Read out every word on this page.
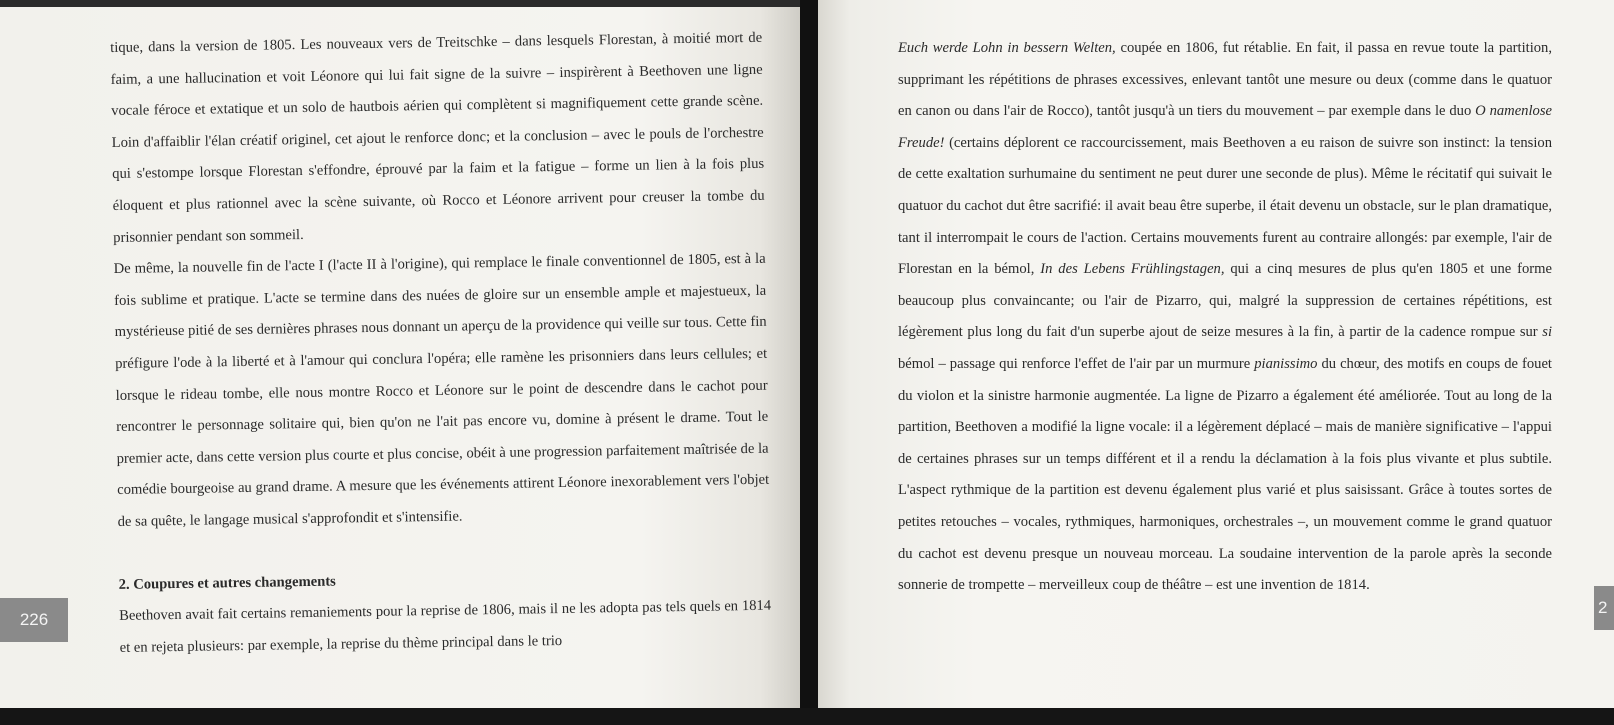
tique, dans la version de 1805. Les nouveaux vers de Treitschke – dans lesquels Florestan, à moitié mort de faim, a une hallucination et voit Léonore qui lui fait signe de la suivre – inspirèrent à Beethoven une ligne vocale féroce et extatique et un solo de hautbois aérien qui complètent si magnifiquement cette grande scène. Loin d'affaiblir l'élan créatif originel, cet ajout le renforce donc; et la conclusion – avec le pouls de l'orchestre qui s'estompe lorsque Florestan s'effondre, éprouvé par la faim et la fatigue – forme un lien à la fois plus éloquent et plus rationnel avec la scène suivante, où Rocco et Léonore arrivent pour creuser la tombe du prisonnier pendant son sommeil.

De même, la nouvelle fin de l'acte I (l'acte II à l'origine), qui remplace le finale conventionnel de 1805, est à la fois sublime et pratique. L'acte se termine dans des nuées de gloire sur un ensemble ample et majestueux, la mystérieuse pitié de ses dernières phrases nous donnant un aperçu de la providence qui veille sur tous. Cette fin préfigure l'ode à la liberté et à l'amour qui conclura l'opéra; elle ramène les prisonniers dans leurs cellules; et lorsque le rideau tombe, elle nous montre Rocco et Léonore sur le point de descendre dans le cachot pour rencontrer le personnage solitaire qui, bien qu'on ne l'ait pas encore vu, domine à présent le drame. Tout le premier acte, dans cette version plus courte et plus concise, obéit à une progression parfaitement maîtrisée de la comédie bourgeoise au grand drame. A mesure que les événements attirent Léonore inexorablement vers l'objet de sa quête, le langage musical s'approfondit et s'intensifie.

2. Coupures et autres changements

Beethoven avait fait certains remaniements pour la reprise de 1806, mais il ne les adopta pas tels quels en 1814 et en rejeta plusieurs: par exemple, la reprise du thème principal dans le trio

Euch werde Lohn in bessern Welten, coupée en 1806, fut rétablie. En fait, il passa en revue toute la partition, supprimant les répétitions de phrases excessives, enlevant tantôt une mesure ou deux (comme dans le quatuor en canon ou dans l'air de Rocco), tantôt jusqu'à un tiers du mouvement – par exemple dans le duo O namenlose Freude! (certains déplorent ce raccourcissement, mais Beethoven a eu raison de suivre son instinct: la tension de cette exaltation surhumaine du sentiment ne peut durer une seconde de plus). Même le récitatif qui suivait le quatuor du cachot dut être sacrifié: il avait beau être superbe, il était devenu un obstacle, sur le plan dramatique, tant il interrompait le cours de l'action. Certains mouvements furent au contraire allongés: par exemple, l'air de Florestan en la bémol, In des Lebens Frühlingstagen, qui a cinq mesures de plus qu'en 1805 et une forme beaucoup plus convaincante; ou l'air de Pizarro, qui, malgré la suppression de certaines répétitions, est légèrement plus long du fait d'un superbe ajout de seize mesures à la fin, à partir de la cadence rompue sur si bémol – passage qui renforce l'effet de l'air par un murmure pianissimo du chœur, des motifs en coups de fouet du violon et la sinistre harmonie augmentée. La ligne de Pizarro a également été améliorée. Tout au long de la partition, Beethoven a modifié la ligne vocale: il a légèrement déplacé – mais de manière significative – l'appui de certaines phrases sur un temps différent et il a rendu la déclamation à la fois plus vivante et plus subtile. L'aspect rythmique de la partition est devenu également plus varié et plus saisissant. Grâce à toutes sortes de petites retouches – vocales, rythmiques, harmoniques, orchestrales –, un mouvement comme le grand quatuor du cachot est devenu presque un nouveau morceau. La soudaine intervention de la parole après la seconde sonnerie de trompette – merveilleux coup de théâtre – est une invention de 1814.

226
2
